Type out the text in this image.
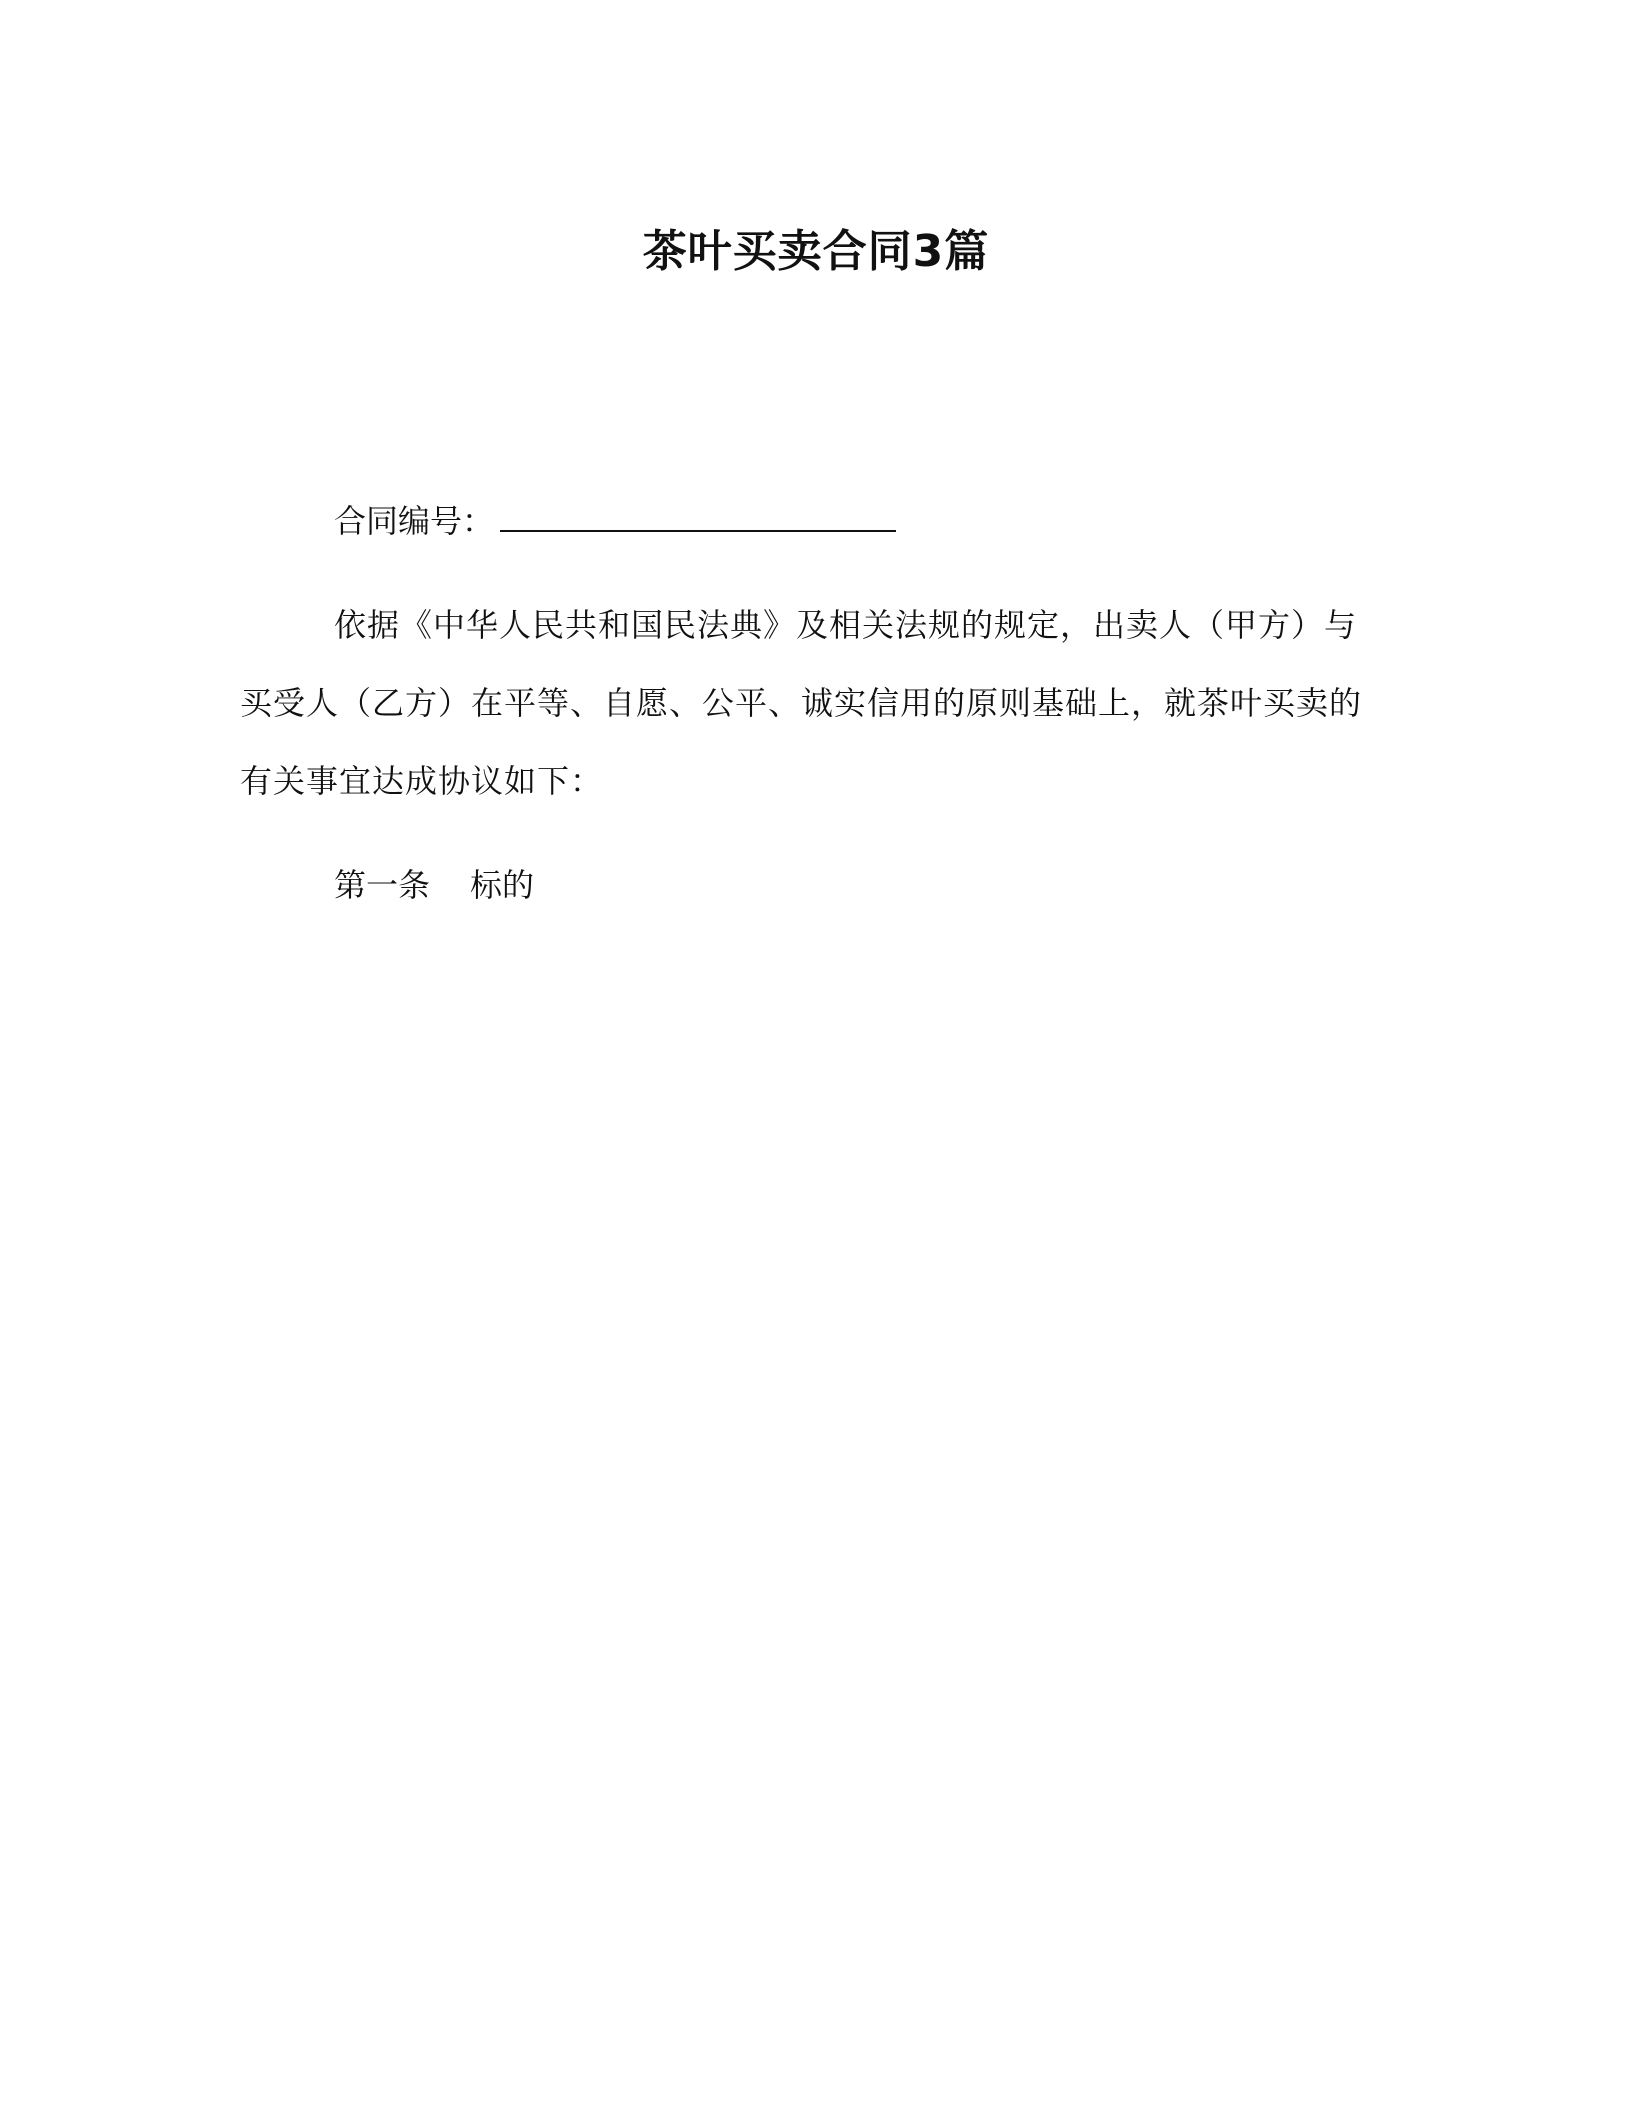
茶叶买卖合同3篇

合同编号：

依据《中华人民共和国民法典》及相关法规的规定，出卖人（甲方）与买受人（乙方）在平等、自愿、公平、诚实信用的原则基础上，就茶叶买卖的有关事宜达成协议如下：

第一条 标的
